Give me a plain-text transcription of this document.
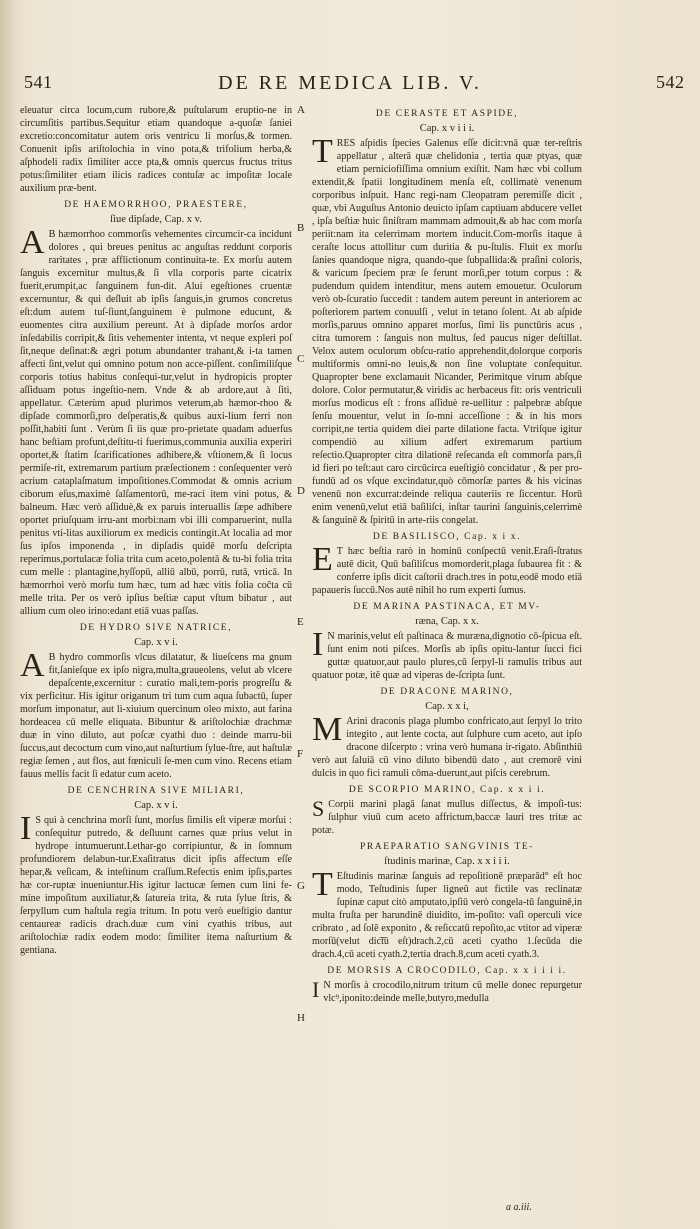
541	DE RE MEDICA LIB. V.	542
A
B
C
D
E
F
G
H

eleuatur circa locum,cum rubore,& puſtularum eruptio-ne in circumſitis partibus.Sequitur etiam quandoque a-quoſæ ſaniei excretio:concomitatur autem oris ventricu li morſus,& tormen. Conuenit ipſis ariſtolochia in vino pota,& trifolium herba,& aſphodeli radix ſimiliter acce pta,& omnis quercus fructus tritus potus:ſimiliter etiam ilicis radices contuſæ ac impoſitæ locale auxilium præ-bent.

DE HAEMORRHOO, PRAESTERE,
ſiue dipſade, Cap. x v.

A B hæmorrhoo commorſis vehementes circumcir-ca incidunt dolores , qui breues penitus ac anguſtas reddunt corporis raritates , præ afflictionum continuita-te. Ex morſu autem ſanguis excernitur multus,& ſi vlla corporis parte cicatrix fuerit,erumpit,ac ſanguinem fun-dit. Aluí egeſtiones cruentæ excernuntur, & qui deſluit ab ipſis ſanguis,in grumos concretus eſt:dum autem tuſ-ſiunt,ſanguinem è pulmone educunt, & euomentes citra auxilium pereunt. At à dipſade morſos ardor inſedabilis corripit,& ſitis vehementer intenta, vt neque expleri poſ ſit,neque deſinat:& ægri potum abundanter trahant,& i-ta tamen affecti ſint,velut qui omnino potum non acce-piſſent. conſimiliſque corporis totius habitus conſequi-tur,velut in hydropicis propter aſſiduam potus ingeſtio-nem. Vnde & ab ardore,aut à ſiti, appellatur. Cæterùm apud plurimos veterum,ab hæmor-rhoo & dipſade commorſi,pro deſperatis,& quibus auxi-lium ferri non poſſit,habiti ſunt . Verùm ſi iis quæ pro-prietate quadam aduerſus hanc beſtiam profunt,deſtitu-ti fuerimus,communia auxilia experiri oportet,& ſtatim ſcarificationes adhibere,& vſtionem,& ſi locus permiſe-rit, extremarum partium præſectionem : conſequenter verò acrium cataplaſmatum impoſitiones.Commodat & omnis acrium ciborum eſus,maximè ſalſamentorū, me-raci item vini potus, & balneum. Hæc verò aſſiduè,& ex paruis interuallis ſæpe adhibere oportet priuſquam irru-ant morbi:nam vbi illi comparuerint, nulla penitus vti-litas auxiliorum ex medicis contingit.At localia ad mor ſus ipſos imponenda , in dipſadis quidē morſu deſcripta reperimus,portulacæ folia trita cum aceto,polentā & tu-bi folia trita cum melle : plantagine,hyſſopū, alliū albū, porrū, rutā, vrticā. In hæmorrhoi verò morſu tum hæc, tum ad hæc vitis folia coĉta cū melle trita. Per os verò ipſius beſtiæ caput vſtum bibatur , aut allium cum oleo irino:edant etiā vuas paſſas.

DE HYDRO SIVE NATRICE,
Cap. x v i.

A B hydro commorſis vlcus dilatatur, & liueſcens ma gnum fit,ſanieſque ex ipſo nigra,multa,graueolens, velut ab vlcere depaſcente,excernitur : curatio mali,tem-poris progreſſu & vix perficitur. His igitur origanum tri tum cum aqua ſubactū, ſuper morſum imponatur, aut li-xiuium quercinum oleo mixto, aut farina hordeacea cū melle eliquata. Bibuntur & ariſtolochiæ drachmæ duæ in vino diluto, aut poſcæ cyathi duo : deinde marru-bii ſuccus,aut decoctum cum vino,aut naſturtium ſylue-ſtre, aut haſtulæ regiæ ſemen , aut flos, aut fœniculi ſe-men cum vino. Recens etiam fauus mellis facit ſi edatur cum aceto.

DE CENCHRINA SIVE MILIARI,
Cap. x v i.

I S quì à cenchrina morſi ſunt, morſus ſimilis eſt viperæ morſui : conſequitur putredo, & deſluunt carnes quæ prius velut in hydrope intumuerunt.Lethar-go corripiuntur, & in ſomnum profundiorem delabun-tur.Exaſitratus dicit ipſis affectum eſſe hepar,& veſicam, & inteſtinum craſſum.Refectis enim ipſis,partes hæ cor-ruptæ inueniuntur.His igitur lactucæ ſemen cum lini fe-mine impoſitum auxiliatur,& ſatureia trita, & ruta ſylue ſtris, & ſerpyllum cum haſtula regia tritum. In potu verò eueſtigio dantur centaureæ radicis drach.duæ cum vini cyathis tribus, aut ariſtolochiæ radix eodem modo: ſimiliter itema naſturtium & gentiana.

DE CERASTE ET ASPIDE,
Cap. x v i i i.

TRES aſpidis ſpecies Galenus eſſe dicit:vnā quæ ter-reſtris appellatur , alterā quæ chelidonia , tertia quæ ptyas, quæ etiam perniciofiſſima omnium exiſtit. Nam hæc vbi collum extendit,& ſpatii longitudinem menſa eſt, collimatè venenum corporibus inſpuit. Hanc regi-nam Cleopatram peremiſſe dicit , quæ, vbi Auguſtus Antonio deuicto ipſam captiuam abducere vellet , ipſa beſtiæ huic ſiniſtram mammam admouit,& ab hac com morſa periit:nam ita celerrimam mortem inducit.Com-morſis itaque à ceraſte locus attollitur cum duritia & pu-ſtulis. Fluit ex morſu ſanies quandoque nigra, quando-que ſubpallida:& praſini coloris, & varicum ſpeciem præ ſe ferunt morſi,per totum corpus : & pudendum quidem intenditur, mens autem emouetur. Oculorum verò ob-ſcuratio ſuccedit : tandem autem pereunt in anteriorem ac poſteriorem partem conuulſi , velut in tetano ſolent. At ab aſpide morſis,paruus omnino apparet morſus, ſimi lis punctūris acus , citra tumorem : ſanguis non multus, ſed paucus niger deſtillat. Velox autem oculorum obſcu-ratio apprehendit,dolorque corporis multiformis omni-no leuis,& non ſine voluptate conſequitur. Quapropter bene exclamauit Nicander, Perimitque virum abſque dolore. Color permutatur,& viridis ac herbaceus fit: oris ventriculi morſus modicus eſt : frons aſſiduè re-uellitur : palpebræ abſque ſenſu mouentur, velut in ſo-mni acceſſione : & in his mors corripit,ne tertia quidem diei parte dilatione facta. Vtriſque igitur compendiò au xilium adfert extremarum partium reſectio.Quapropter citra dilationē reſecanda eſt commorſa pars,ſi id fieri po teſt:aut caro circūcirca eueſtigiò concidatur , & per pro-fundū ad os vſque excindatur,quò cōmorſæ partes & his vicinas venenū non excurrat:deinde reliqua cauteriis re ſiccentur. Horū enim venenū,velut etiā baſiliſci, inſtar taurini ſanguinis,celerrimè & ſanguinē & ſpiritū in arte-riis congelat.

DE BASILISCO, Cap. x i x.

E T hæc beſtia rarò in hominū conſpectū venit.Eraſi-ſtratus autē dicit, Quū baſiliſcus momorderit,plaga ſubaurea fit : & conferre ipſis dicit caſtorii drach.tres in potu,eodē modo etiā papaueris ſuccū.Nos autē nihil ho rum experti ſumus.

DE MARINA PASTINACA, ET MV-
ræna, Cap. x x.

I N marinis,velut eſt paſtinaca & muræna,dignotio cō-ſpicua eſt. ſunt enim noti piſces. Morſis ab ipſis opitu-lantur ſucci fici guttæ quatuor,aut paulo plures,cū ſerpyl-li ramulis tribus aut quatuor potæ, itē quæ ad viperas de-ſcripta ſunt.

DE DRACONE MARINO,
Cap. x x i,

M Arini draconis plaga plumbo confricato,aut ſerpyl lo trito integito , aut lente cocta, aut ſulphure cum aceto, aut ipſo dracone diſcerpto : vrina verò humana ir-rigato. Abſinthiū verò aut ſaluiā cū vino diluto bibendū dato , aut cremorē vini dulcis in quo fici ramuli cōma-duerunt,aut piſcis cerebrum.

DE SCORPIO MARINO, Cap. x x i i.

S Corpii marini plagā ſanat mullus diſſectus, & impoſi-tus: ſulphur viuū cum aceto affrictum,baccæ lauri tres tritæ ac potæ.

PRAEPARATIO SANGVINIS TE-
ſtudinis marinæ, Cap. x x i i i.

T Eſtudinis marinæ ſanguis ad repoſitionē præparād° eſt hoc modo, Teſtudinis ſuper ligneū aut fictile vas reclinatæ ſupinæ caput citò amputato,ipſiū verò congela-tū ſanguinē,in multa fruſta per harundinē diuidito, im-poſito: vaſi operculi vice cribrato , ad ſolē exponito , & reſiccatū repoſito,ac vtitor ad viperæ morſū(velut dic͠tū eſt)drach.2,cū aceti cyatho 1.ſecūda die drach.4,cū aceti cyath.2,tertia drach.8,cum aceti cyath.3.

DE MORSIS A CROCODILO, Cap. x x i i i i.

I N morſis à crocodilo,nitrum tritum cū melle donec repurgetur vlc⁹,iponito:deinde melle,butyro,medulla

a a.iii.
